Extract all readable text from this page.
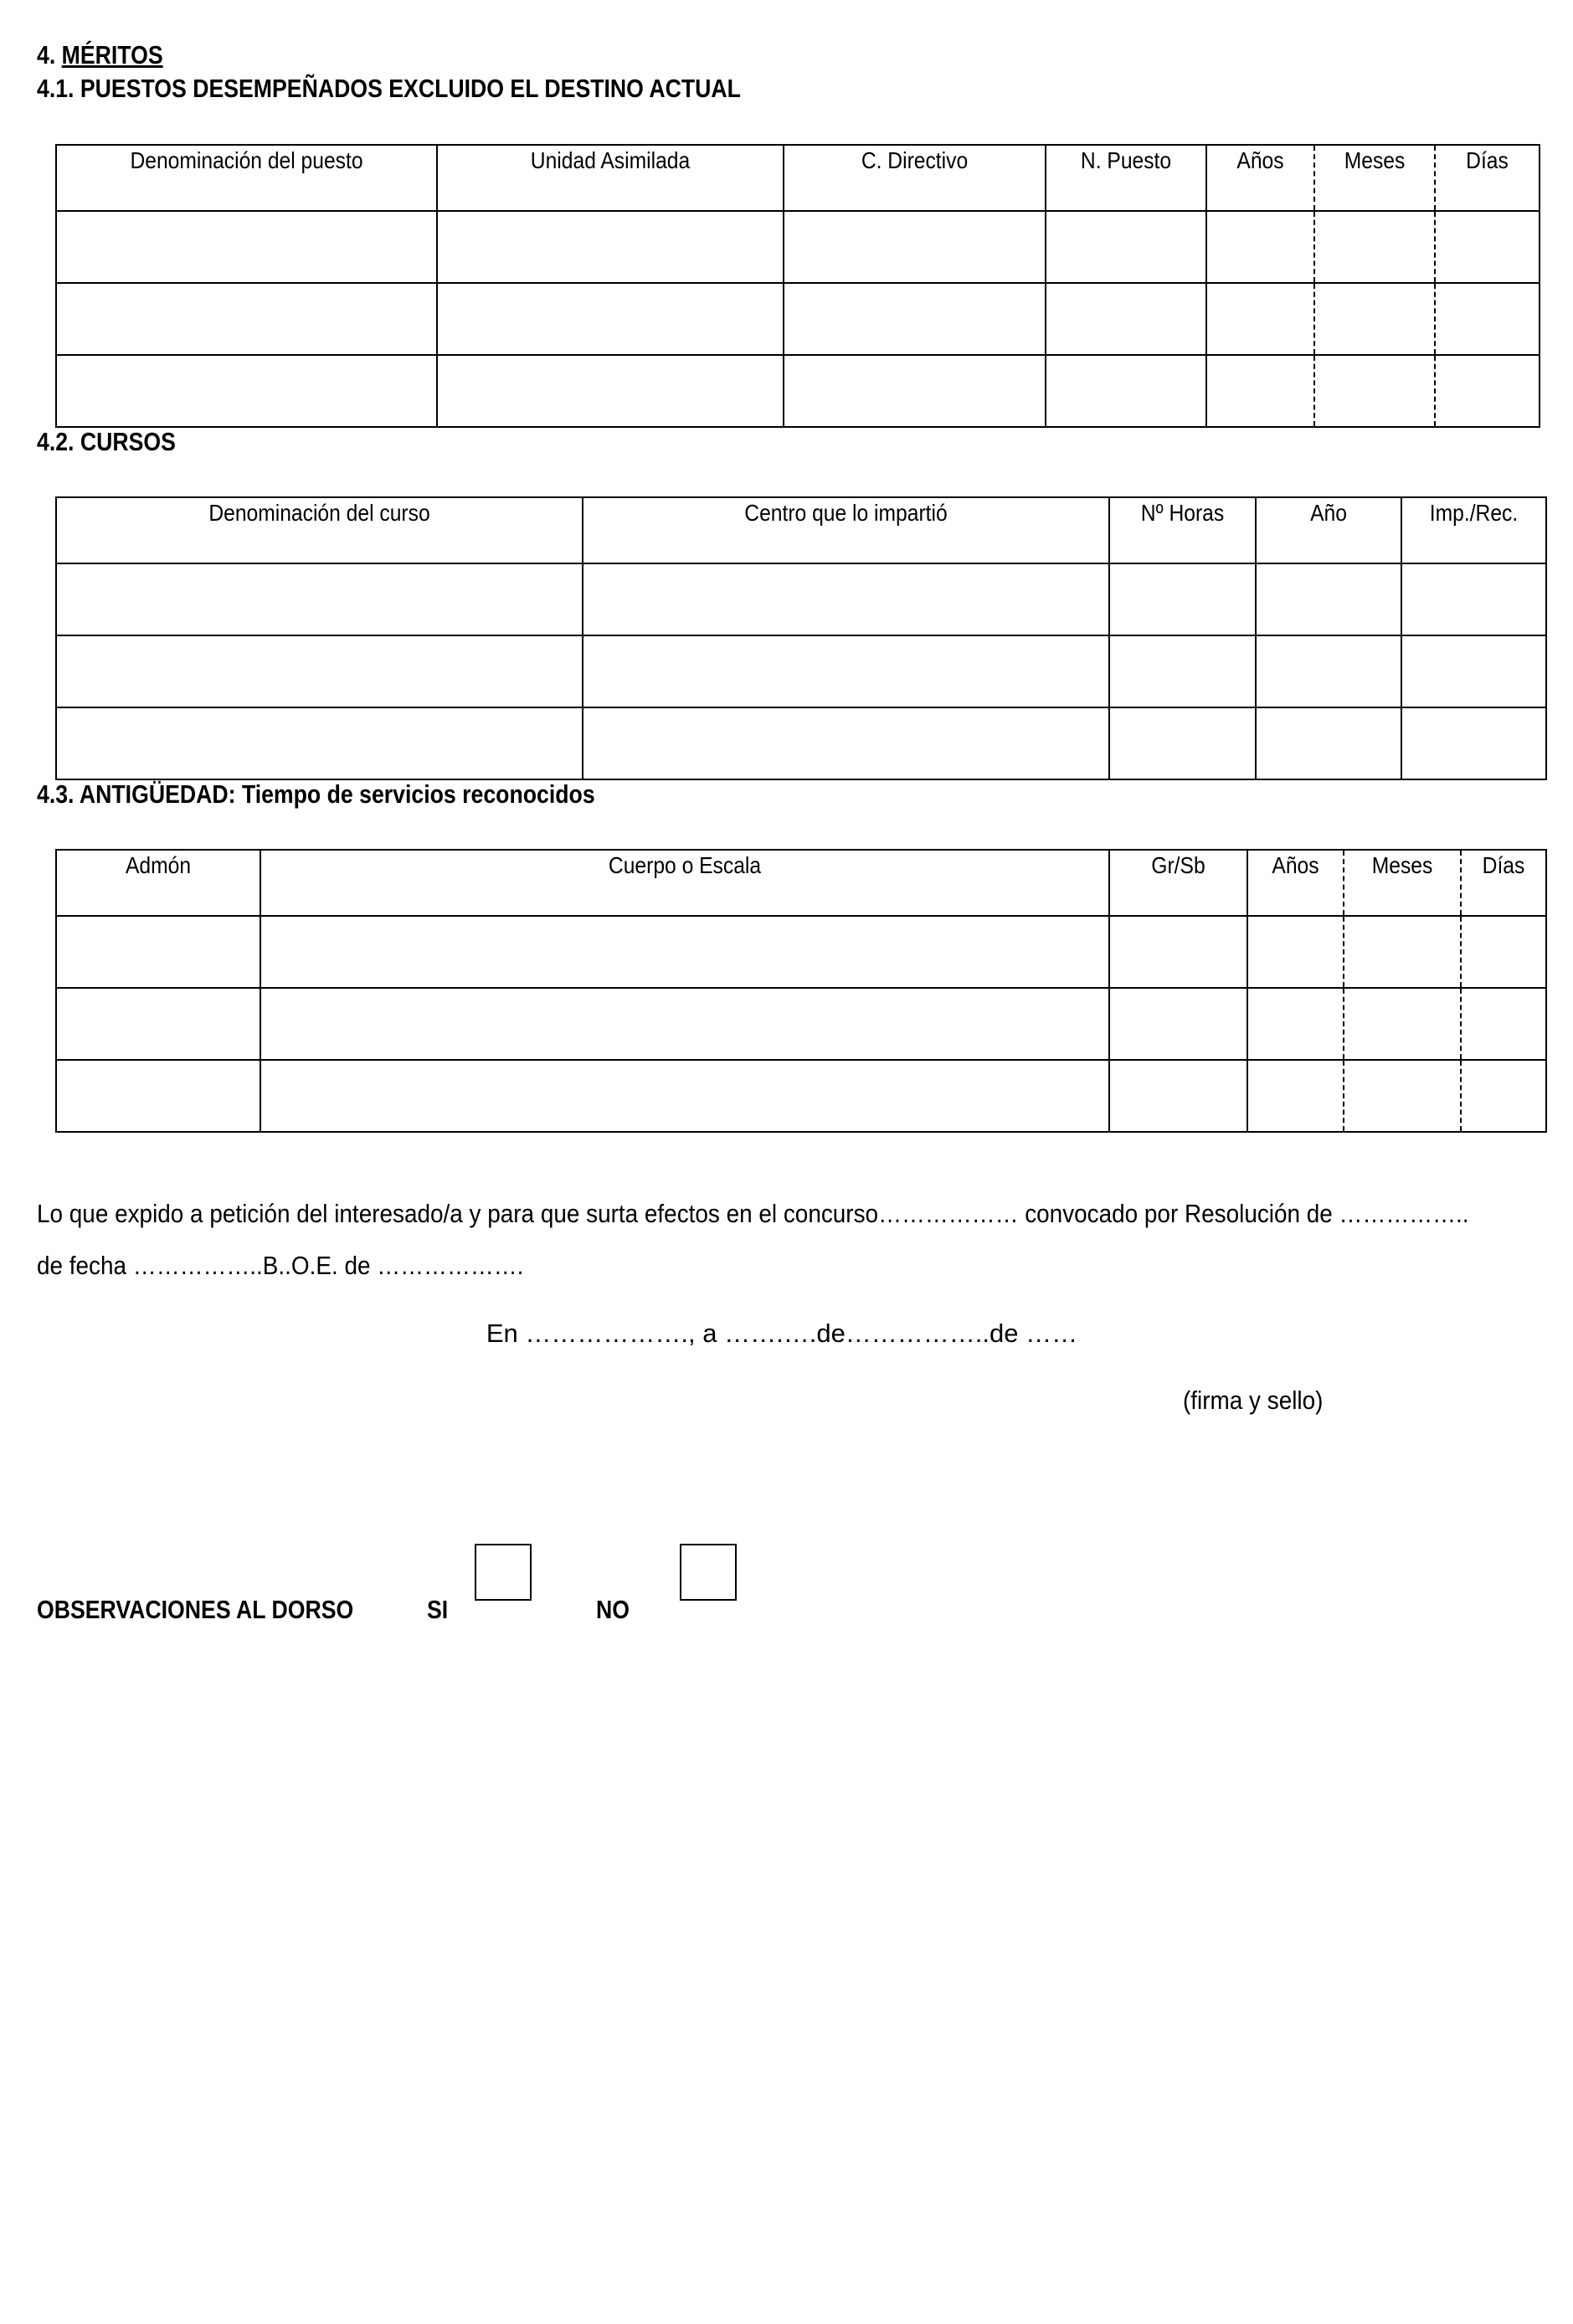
4. MÉRITOS
4.1. PUESTOS DESEMPEÑADOS EXCLUIDO EL DESTINO ACTUAL
Denominación del puesto	Unidad Asimilada	C. Directivo	N. Puesto	Años	Meses	Días

4.2. CURSOS
Denominación del curso	Centro que lo impartió	Nº Horas	Año	Imp./Rec.

4.3. ANTIGÜEDAD: Tiempo de servicios reconocidos
Admón	Cuerpo o Escala	Gr/Sb	Años	Meses	Días

Lo que expido a petición del interesado/a y para que surta efectos en el concurso……………… convocado por Resolución de ……………..
de fecha ……………..B..O.E. de ……………….
En ………………., a …….….de……………..de ……
(firma y sello)
OBSERVACIONES AL DORSO	SI	NO
